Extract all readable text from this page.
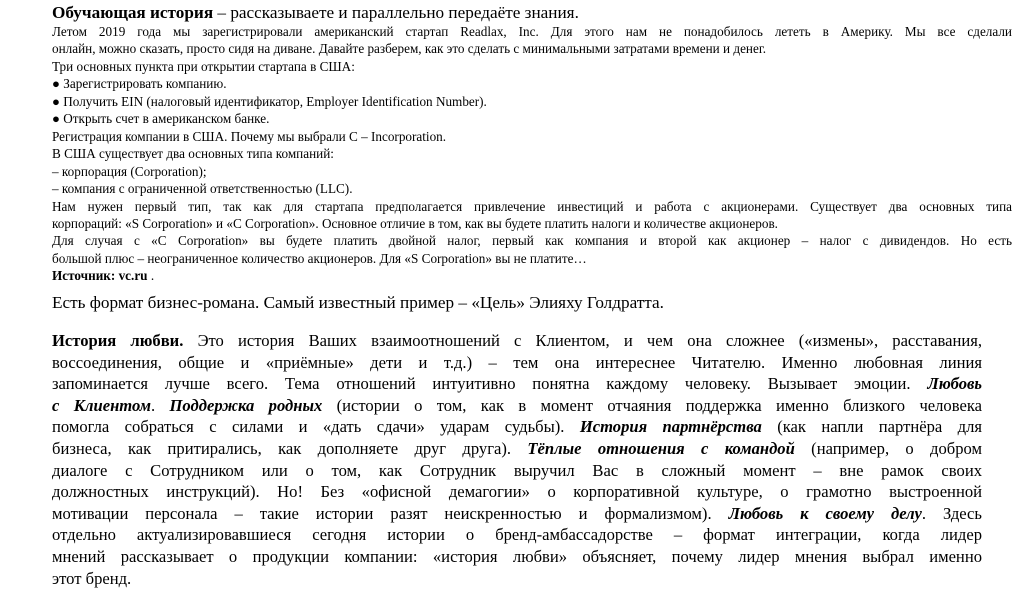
Обучающая история – рассказываете и параллельно передаёте знания.

Летом 2019 года мы зарегистрировали американский стартап Readlax, Inc. Для этого нам не понадобилось лететь в Америку. Мы все сделали

онлайн, можно сказать, просто сидя на диване. Давайте разберем, как это сделать с минимальными затратами времени и денег.

Три основных пункта при открытии стартапа в США:

● Зарегистрировать компанию.

● Получить EIN (налоговый идентификатор, Employer Identification Number).

● Открыть счет в американском банке.

Регистрация компании в США. Почему мы выбрали C – Incorporation.

В США существует два основных типа компаний:

– корпорация (Corporation);

– компания с ограниченной ответственностью (LLC).

Нам нужен первый тип, так как для стартапа предполагается привлечение инвестиций и работа с акционерами. Существует два основных типа

корпораций: «S Corporation» и «C Corporation». Основное отличие в том, как вы будете платить налоги и количестве акционеров.

Для случая с «C Corporation» вы будете платить двойной налог, первый как компания и второй как акционер – налог с дивидендов. Но есть

большой плюс – неограниченное количество акционеров. Для «S Corporation» вы не платите…

Источник: vc.ru .

Есть формат бизнес-романа. Самый известный пример – «Цель» Элияху Голдратта.

История любви. Это история Ваших взаимоотношений с Клиентом, и чем она сложнее («измены», расставания,
воссоединения, общие и «приёмные» дети и т.д.) – тем она интереснее Читателю. Именно любовная линия
запоминается лучше всего. Тема отношений интуитивно понятна каждому человеку. Вызывает эмоции. Любовь
с Клиентом. Поддержка родных (истории о том, как в момент отчаяния поддержка именно близкого человека
помогла собраться с силами и «дать сдачи» ударам судьбы). История партнёрства (как напли партнёра для
бизнеса, как притирались, как дополняете друг друга). Тёплые отношения с командой (например, о добром
диалоге с Сотрудником или о том, как Сотрудник выручил Вас в сложный момент – вне рамок своих
должностных инструкций). Но! Без «офисной демагогии» о корпоративной культуре, о грамотно выстроенной
мотивации персонала – такие истории разят неискренностью и формализмом). Любовь к своему делу. Здесь
отдельно актуализировавшиеся сегодня истории о бренд-амбассадорстве – формат интеграции, когда лидер
мнений рассказывает о продукции компании: «история любви» объясняет, почему лидер мнения выбрал именно
этот бренд.
